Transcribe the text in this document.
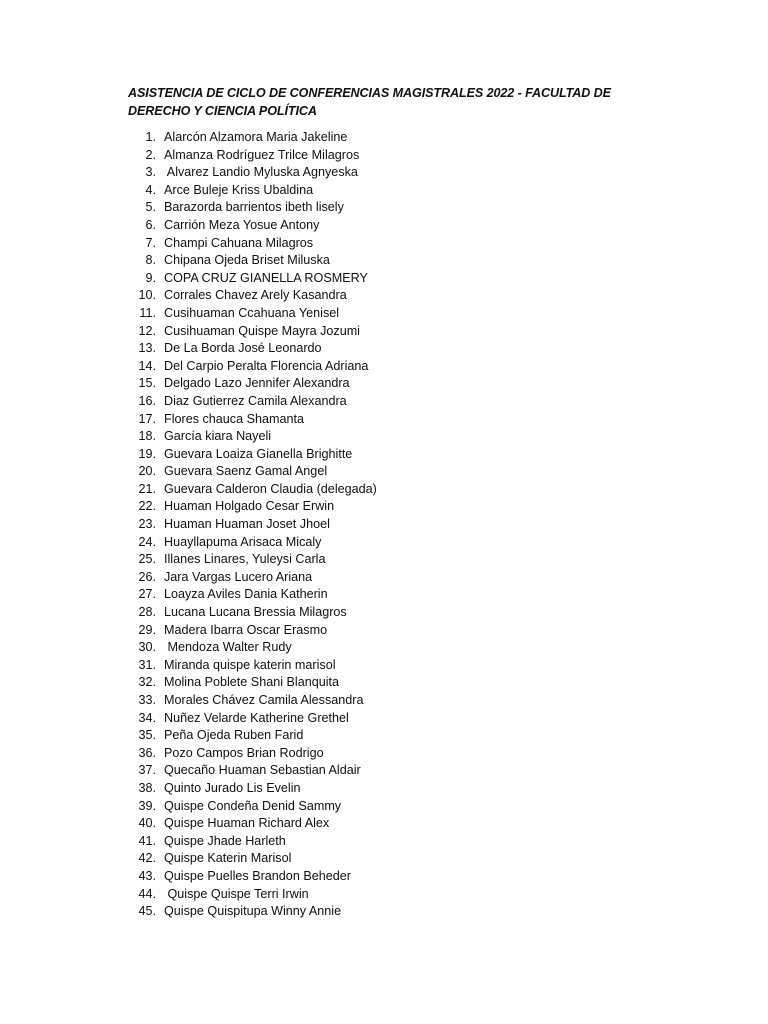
ASISTENCIA DE CICLO DE CONFERENCIAS MAGISTRALES 2022 - FACULTAD DE DERECHO Y CIENCIA POLÍTICA
1. Alarcón Alzamora Maria Jakeline
2. Almanza Rodríguez Trilce Milagros
3. Alvarez Landio Myluska Agnyeska
4. Arce Buleje Kriss Ubaldina
5. Barazorda barrientos ibeth lisely
6. Carrión Meza Yosue Antony
7. Champi Cahuana Milagros
8. Chipana Ojeda Briset Miluska
9. COPA CRUZ GIANELLA ROSMERY
10. Corrales Chavez Arely Kasandra
11. Cusihuaman Ccahuana Yenisel
12. Cusihuaman Quispe Mayra Jozumi
13. De La Borda José Leonardo
14. Del Carpio Peralta Florencia Adriana
15. Delgado Lazo Jennifer Alexandra
16. Diaz Gutierrez Camila Alexandra
17. Flores chauca Shamanta
18. García kiara Nayeli
19. Guevara Loaiza Gianella Brighitte
20. Guevara Saenz Gamal Angel
21. Guevara Calderon Claudia (delegada)
22. Huaman Holgado Cesar Erwin
23. Huaman Huaman Joset Jhoel
24. Huayllapuma Arisaca Micaly
25. Illanes Linares, Yuleysi Carla
26. Jara Vargas Lucero Ariana
27. Loayza Aviles Dania Katherin
28. Lucana Lucana Bressia Milagros
29. Madera Ibarra Oscar Erasmo
30. Mendoza Walter Rudy
31. Miranda quispe katerin marisol
32. Molina Poblete Shani Blanquita
33. Morales Chávez Camila Alessandra
34. Nuñez Velarde Katherine Grethel
35. Peña Ojeda Ruben Farid
36. Pozo Campos Brian Rodrigo
37. Quecaño Huaman Sebastian Aldair
38. Quinto Jurado Lis Evelin
39. Quispe Condeña Denid Sammy
40. Quispe Huaman Richard Alex
41. Quispe Jhade Harleth
42. Quispe Katerin Marisol
43. Quispe Puelles Brandon Beheder
44. Quispe Quispe Terri Irwin
45. Quispe Quispitupa Winny Annie
